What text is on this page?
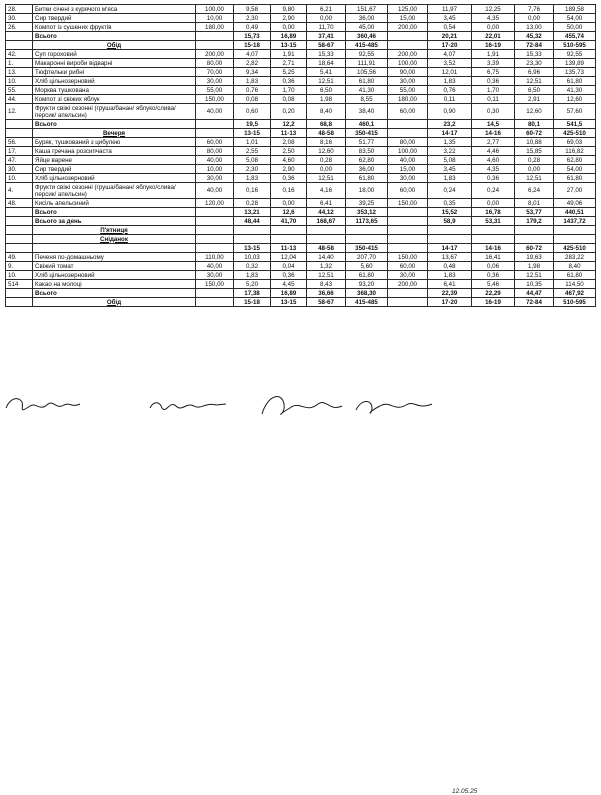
28.	Битки січені з курячого м'яса	100,00	9,58	9,80	6,21	151,67	125,00	11,97	12,25	7,76	189,58
30.	Сир твердий	10,00	2,30	2,90	0,00	36,00	15,00	3,45	4,35	0,00	54,00
26.	Компот із сушених фруктів	180,00	0,49	0,00	11,70	45,00	200,00	0,54	0,00	13,00	50,00
	Всього		15,73	16,89	37,41	360,46		20,21	22,01	45,32	455,74
	Обід		15-18	13-15	58-67	415-485		17-20	16-19	72-84	510-595
42.	Суп гороховий	200,00	4,07	1,91	15,33	92,55	200,00	4,07	1,91	15,33	92,55
1.	Макаронні вироби відварні	80,00	2,82	2,71	18,64	111,91	100,00	3,52	3,39	23,30	139,89
13.	Тюфтельки рибні	70,00	9,34	5,25	5,41	105,56	90,00	12,01	6,75	6,96	135,73
10.	Хліб цільнозерновий	30,00	1,83	0,36	12,51	61,80	30,00	1,83	0,36	12,51	61,80
55.	Морква тушкована	55,00	0,76	1,70	6,50	41,30	55,00	0,76	1,70	6,50	41,30
44.	Компот зі свіжих яблук	150,00	0,08	0,08	1,98	8,55	180,00	0,11	0,11	2,91	12,60
12.	Фрукти свіжі сезонні (груша/банан/ яблуко/слива/персик/ апельсин)	40,00	0,60	0,20	8,40	38,40	60,00	0,90	0,30	12,60	57,60
	Всього		19,5	12,2	68,8	460,1		23,2	14,5	80,1	541,5
	Вечеря		13-15	11-13	48-58	350-415		14-17	14-16	60-72	425-510
56.	Буряк, тушкований з цибулею	60,00	1,01	2,08	8,16	51,77	80,00	1,35	2,77	10,88	69,03
17.	Каша гречана розсипчаста	80,00	2,55	2,50	12,60	83,50	100,00	3,22	4,46	15,85	116,82
47.	Яйце варене	40,00	5,08	4,60	0,28	62,80	40,00	5,08	4,60	0,28	62,80
30.	Сир твердий	10,00	2,30	2,90	0,00	36,00	15,00	3,45	4,35	0,00	54,00
10.	Хліб цільнозерновий	30,00	1,83	0,36	12,51	61,80	30,00	1,83	0,36	12,51	61,80
4.	Фрукти свіжі сезонні (груша/банан/ яблуко/слива/персик/ апельсин)	40,00	0,16	0,16	4,16	18,00	60,00	0,24	0,24	6,24	27,00
48.	Кисіль апельсиний	120,00	0,28	0,00	6,41	39,25	150,00	0,35	0,00	8,01	49,06
	Всього		13,21	12,6	44,12	353,12		15,52	16,78	53,77	440,51
	Всього за день		48,44	41,70	168,67	1173,65		58,9	53,31	179,2	1437,72
	П'ятниця										
	Сніданок										
			13-15	11-13	48-58	350-415		14-17	14-16	60-72	425-510
49.	Печеня по-домашньому	110,00	10,03	12,04	14,40	207,70	150,00	13,67	16,41	19,63	283,22
9.	Свіжий томат	40,00	0,32	0,04	1,32	5,60	60,00	0,48	0,06	1,98	8,40
10.	Хліб цільнозерновий	30,00	1,83	0,36	12,51	61,80	30,00	1,83	0,36	12,51	61,80
514	Какао на молоці	150,00	5,20	4,45	8,43	93,20	200,00	6,41	5,46	10,35	114,50
	Всього		17,38	16,89	36,66	368,30		22,39	22,29	44,47	467,92
	Обід		15-18	13-15	58-67	415-485		17-20	16-19	72-84	510-595
12.05.25
